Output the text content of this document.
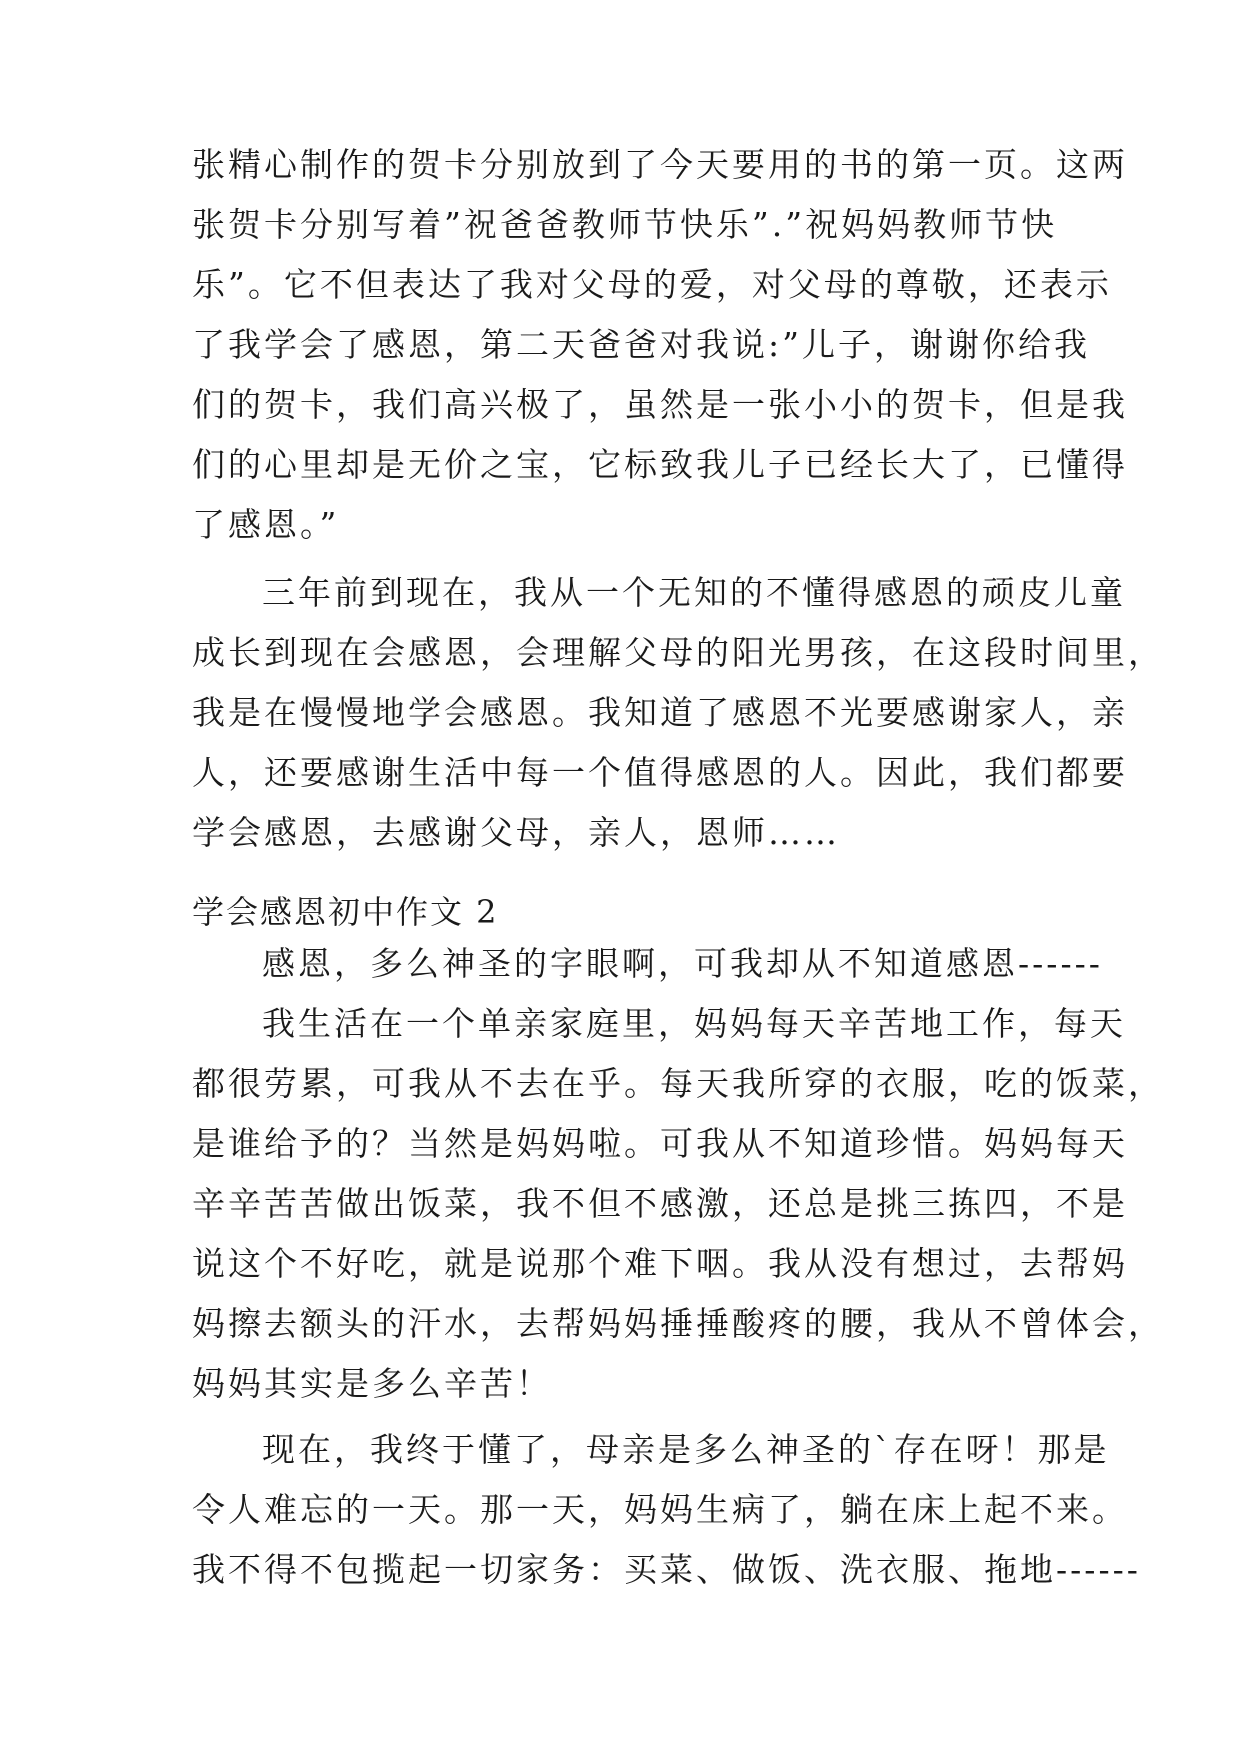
张精心制作的贺卡分别放到了今天要用的书的第一页。这两
张贺卡分别写着”祝爸爸教师节快乐”.”祝妈妈教师节快
乐”。它不但表达了我对父母的爱，对父母的尊敬，还表示
了我学会了感恩，第二天爸爸对我说:”儿子，谢谢你给我
们的贺卡，我们高兴极了，虽然是一张小小的贺卡，但是我
们的心里却是无价之宝，它标致我儿子已经长大了，已懂得
了感恩。”
三年前到现在，我从一个无知的不懂得感恩的顽皮儿童
成长到现在会感恩，会理解父母的阳光男孩，在这段时间里，
我是在慢慢地学会感恩。我知道了感恩不光要感谢家人，亲
人，还要感谢生活中每一个值得感恩的人。因此，我们都要
学会感恩，去感谢父母，亲人，恩师……
学会感恩初中作文 2
感恩，多么神圣的字眼啊，可我却从不知道感恩------
我生活在一个单亲家庭里，妈妈每天辛苦地工作，每天
都很劳累，可我从不去在乎。每天我所穿的衣服，吃的饭菜，
是谁给予的？当然是妈妈啦。可我从不知道珍惜。妈妈每天
辛辛苦苦做出饭菜，我不但不感激，还总是挑三拣四，不是
说这个不好吃，就是说那个难下咽。我从没有想过，去帮妈
妈擦去额头的汗水，去帮妈妈捶捶酸疼的腰，我从不曾体会，
妈妈其实是多么辛苦！
现在，我终于懂了，母亲是多么神圣的`存在呀！那是
令人难忘的一天。那一天，妈妈生病了，躺在床上起不来。
我不得不包揽起一切家务：买菜、做饭、洗衣服、拖地------
